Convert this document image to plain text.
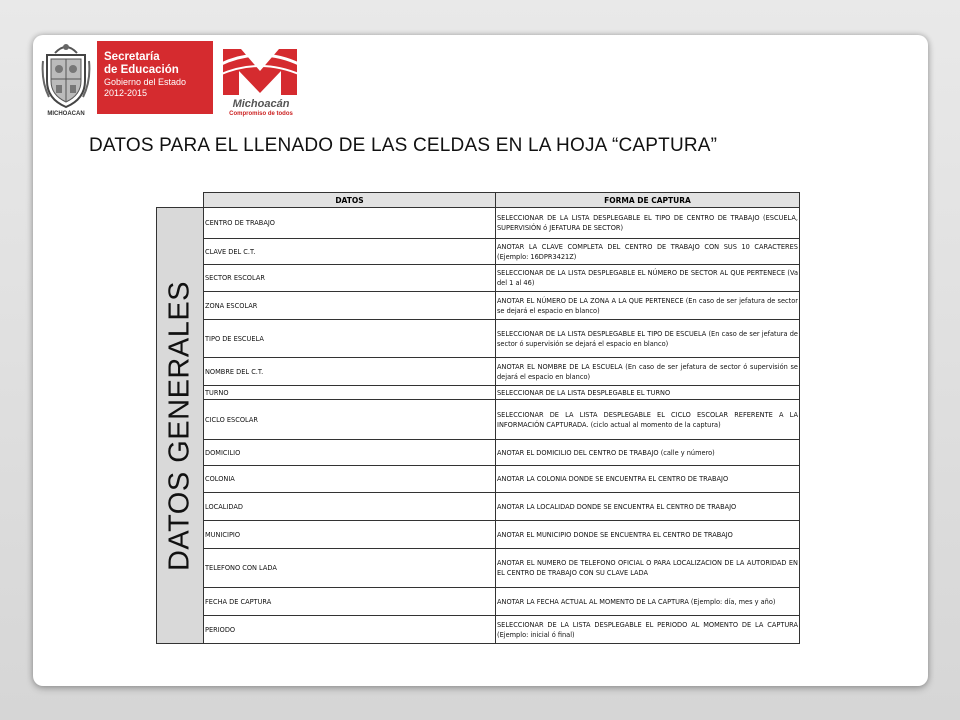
MICHOACAN
Secretaría
de Educación
Gobierno del Estado
2012-2015
Michoacán
Compromiso de todos
DATOS PARA EL LLENADO DE LAS CELDAS EN LA HOJA “CAPTURA”
	DATOS	FORMA DE CAPTURA

DATOS GENERALES	CENTRO DE TRABAJO	SELECCIONAR DE LA LISTA DESPLEGABLE EL TIPO DE CENTRO DE TRABAJO (ESCUELA, SUPERVISIÓN ó JEFATURA DE SECTOR)
	CLAVE DEL C.T.	ANOTAR LA CLAVE COMPLETA DEL CENTRO DE TRABAJO CON SUS 10 CARACTERES (Ejemplo: 16DPR3421Z)
	SECTOR ESCOLAR	SELECCIONAR DE LA LISTA DESPLEGABLE EL NÚMERO DE SECTOR AL QUE PERTENECE (Va del 1 al 46)
	ZONA ESCOLAR	ANOTAR EL NÚMERO DE LA ZONA A LA QUE PERTENECE (En caso de ser jefatura de sector se dejará el espacio en blanco)
	TIPO DE ESCUELA	SELECCIONAR DE LA LISTA DESPLEGABLE EL TIPO DE ESCUELA (En caso de ser jefatura de sector ó supervisión se dejará el espacio en blanco)
	NOMBRE DEL C.T.	ANOTAR EL NOMBRE DE LA ESCUELA (En caso de ser jefatura de sector ó supervisión se dejará el espacio en blanco)
	TURNO	SELECCIONAR DE LA LISTA DESPLEGABLE EL TURNO
	CICLO ESCOLAR	SELECCIONAR DE LA LISTA DESPLEGABLE EL CICLO ESCOLAR REFERENTE A LA INFORMACIÓN CAPTURADA. (ciclo actual al momento de la captura)
	DOMICILIO	ANOTAR EL DOMICILIO DEL CENTRO DE TRABAJO (calle y número)
	COLONIA	ANOTAR LA COLONIA DONDE SE ENCUENTRA EL CENTRO DE TRABAJO
	LOCALIDAD	ANOTAR LA LOCALIDAD DONDE SE ENCUENTRA EL CENTRO DE TRABAJO
	MUNICIPIO	ANOTAR EL MUNICIPIO DONDE SE ENCUENTRA EL CENTRO DE TRABAJO
	TELEFONO CON LADA	ANOTAR EL NUMERO DE TELEFONO OFICIAL O PARA LOCALIZACION DE LA AUTORIDAD EN EL CENTRO DE TRABAJO CON SU CLAVE LADA
	FECHA DE CAPTURA	ANOTAR LA FECHA ACTUAL AL MOMENTO DE LA CAPTURA (Ejemplo: día, mes y año)
	PERIODO	SELECCIONAR DE LA LISTA DESPLEGABLE EL PERIODO AL MOMENTO DE LA CAPTURA (Ejemplo: inicial ó final)
